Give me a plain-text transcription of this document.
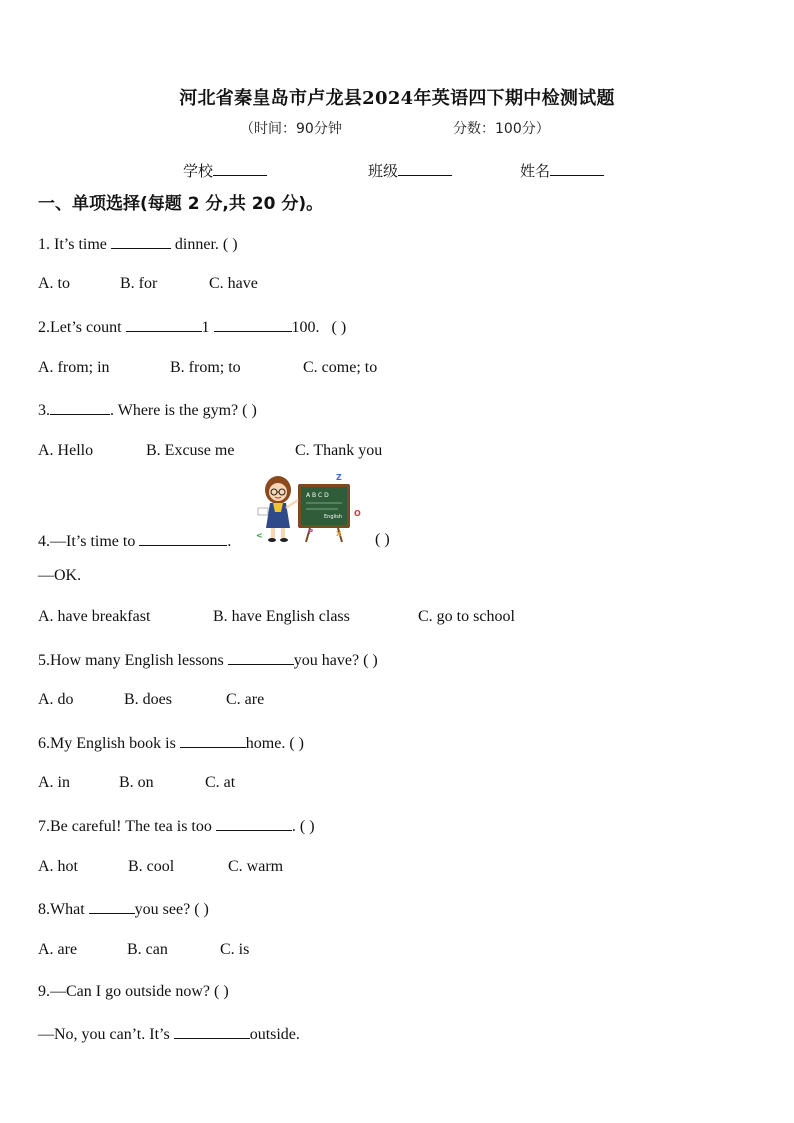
河北省秦皇岛市卢龙县2024年英语四下期中检测试题
（时间：90分钟	分数：100分）
学校	班级	姓名
一、单项选择(每题 2 分,共 20 分)。
1. It’s time	dinner. ( )
A. to	B. for	C. have
2.Let’s count	1	100. ( )
A. from; in	B. from; to	C. come; to
3.	. Where is the gym? ( )
A. Hello	B. Excuse me	C. Thank you
A B C D
English
Z
O
P	X
<
4.—It’s time to	.	( )
—OK.
A. have breakfast	B. have English class	C. go to school
5.How many English lessons	you have? ( )
A. do	B. does	C. are
6.My English book is	home. ( )
A. in	B. on	C. at
7.Be careful! The tea is too	. ( )
A. hot	B. cool	C. warm
8.What	you see? ( )
A. are	B. can	C. is
9.—Can I go outside now? ( )
—No, you can’t. It’s	outside.
